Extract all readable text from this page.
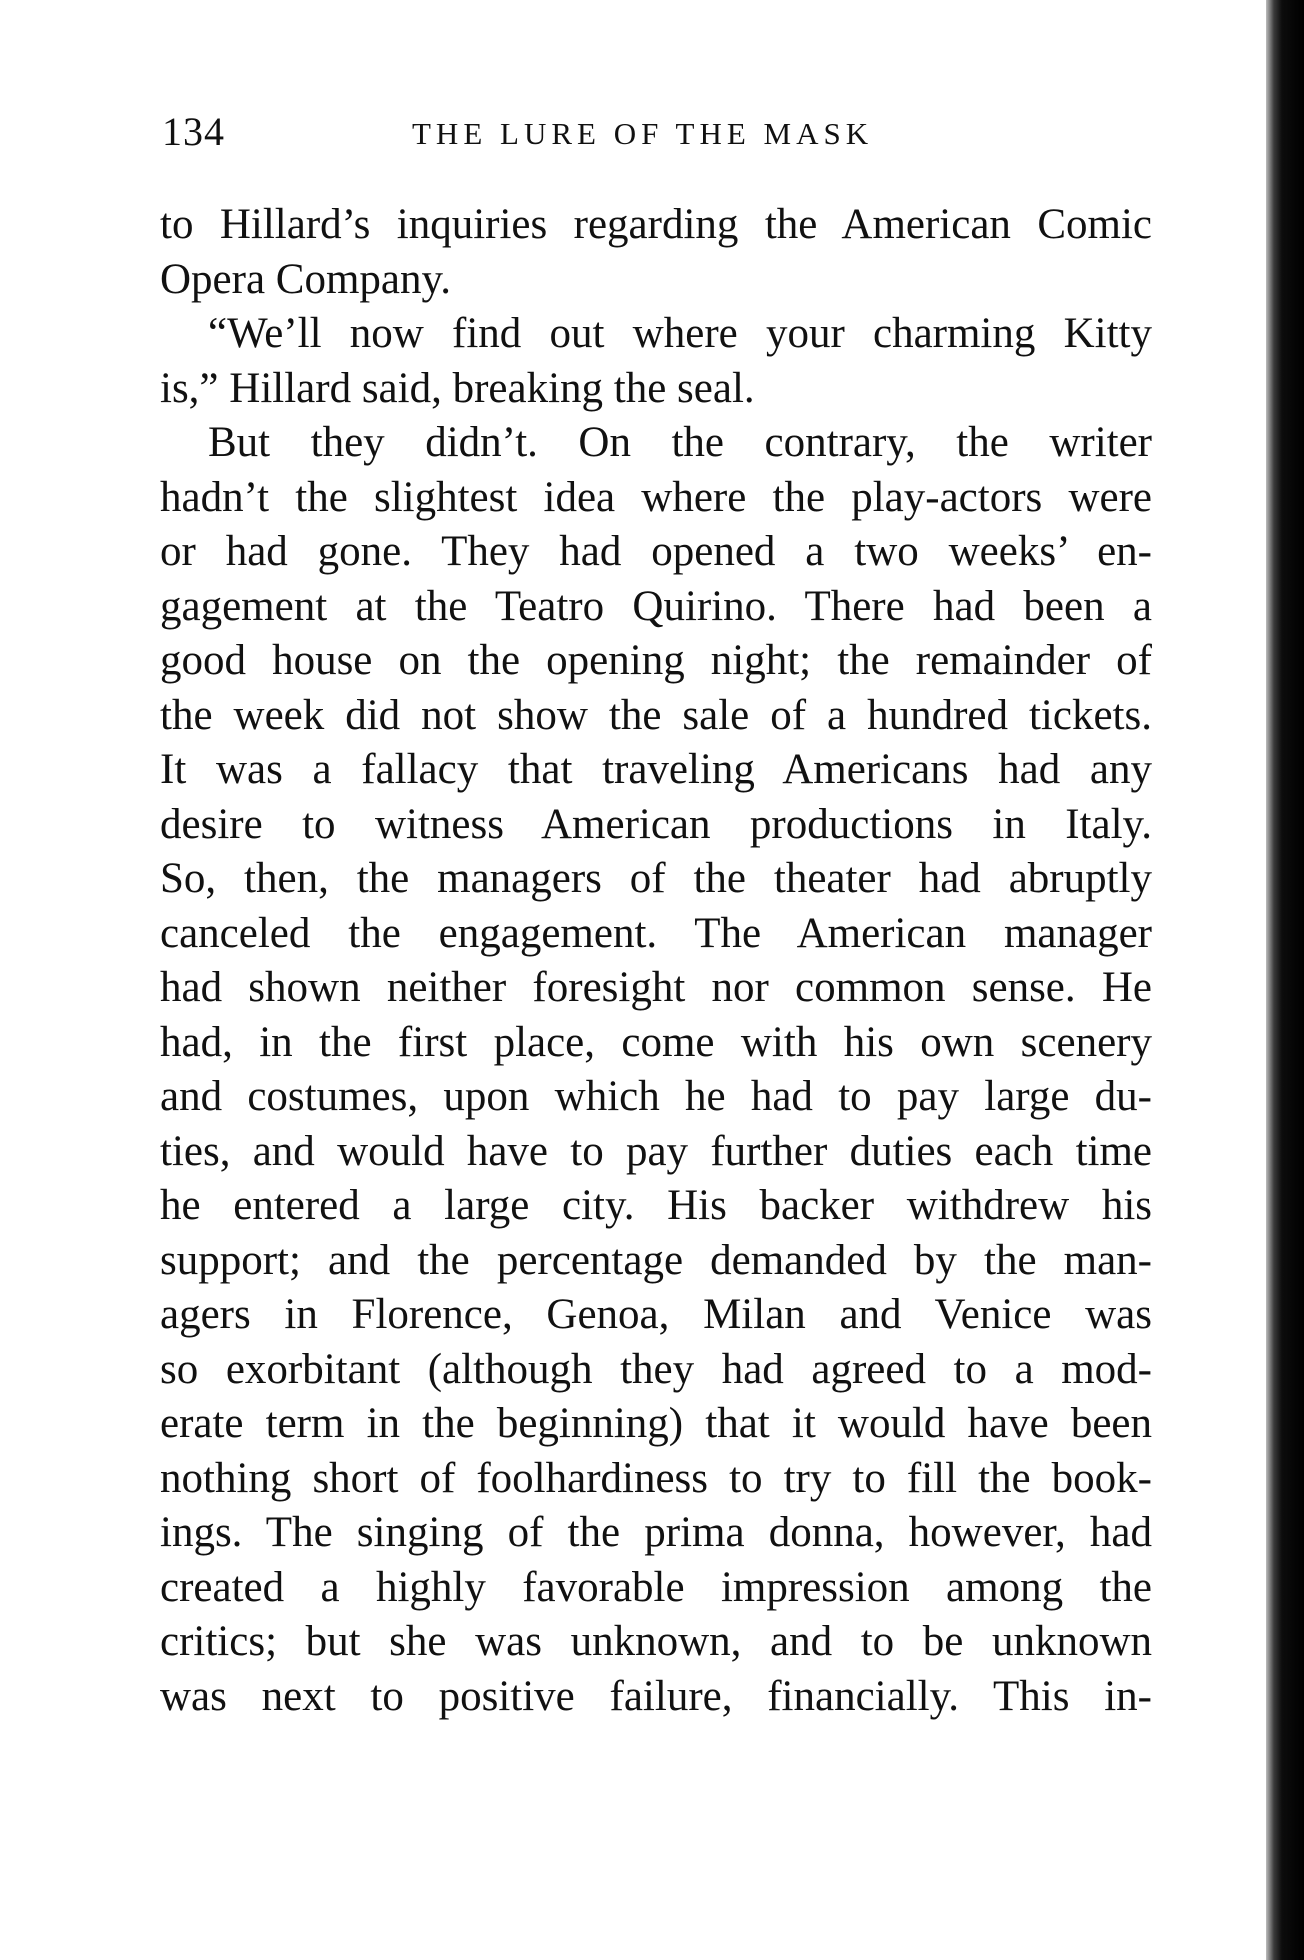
134	THE LURE OF THE MASK
to Hillard’s inquiries regarding the American Comic
Opera Company.
“We’ll now find out where your charming Kitty
is,” Hillard said, breaking the seal.
But they didn’t. On the contrary, the writer
hadn’t the slightest idea where the play-actors were
or had gone. They had opened a two weeks’ en-
gagement at the Teatro Quirino. There had been a
good house on the opening night; the remainder of
the week did not show the sale of a hundred tickets.
It was a fallacy that traveling Americans had any
desire to witness American productions in Italy.
So, then, the managers of the theater had abruptly
canceled the engagement. The American manager
had shown neither foresight nor common sense. He
had, in the first place, come with his own scenery
and costumes, upon which he had to pay large du-
ties, and would have to pay further duties each time
he entered a large city. His backer withdrew his
support; and the percentage demanded by the man-
agers in Florence, Genoa, Milan and Venice was
so exorbitant (although they had agreed to a mod-
erate term in the beginning) that it would have been
nothing short of foolhardiness to try to fill the book-
ings. The singing of the prima donna, however, had
created a highly favorable impression among the
critics; but she was unknown, and to be unknown
was next to positive failure, financially. This in-
